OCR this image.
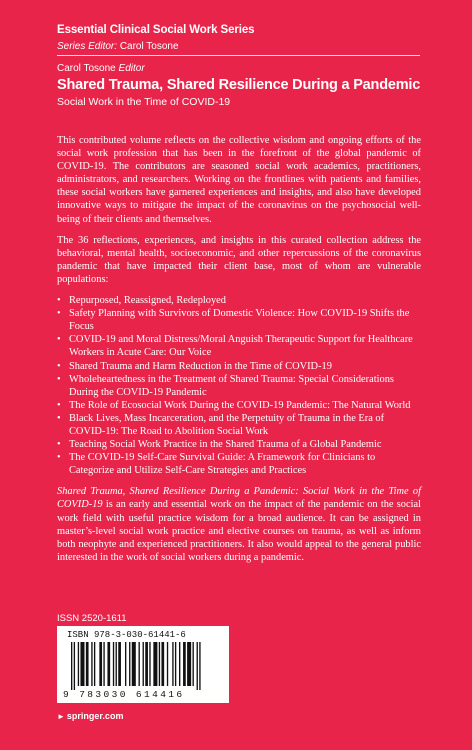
Essential Clinical Social Work Series
Series Editor: Carol Tosone
Carol Tosone Editor
Shared Trauma, Shared Resilience During a Pandemic
Social Work in the Time of COVID-19

This contributed volume reflects on the collective wisdom and ongoing efforts of the social work profession that has been in the forefront of the global pandemic of COVID-19. The contributors are seasoned social work academics, practitioners, administrators, and researchers. Working on the frontlines with patients and families, these social workers have garnered experiences and insights, and also have developed innovative ways to mitigate the impact of the coronavirus on the psychosocial well-being of their clients and themselves.

The 36 reflections, experiences, and insights in this curated collection address the behavioral, mental health, socioeconomic, and other repercussions of the coronavirus pandemic that have impacted their client base, most of whom are vulnerable populations:

• Repurposed, Reassigned, Redeployed
• Safety Planning with Survivors of Domestic Violence: How COVID-19 Shifts the Focus
• COVID-19 and Moral Distress/Moral Anguish Therapeutic Support for Healthcare Workers in Acute Care: Our Voice
• Shared Trauma and Harm Reduction in the Time of COVID-19
• Wholeheartedness in the Treatment of Shared Trauma: Special Considerations During the COVID-19 Pandemic
• The Role of Ecosocial Work During the COVID-19 Pandemic: The Natural World
• Black Lives, Mass Incarceration, and the Perpetuity of Trauma in the Era of COVID-19: The Road to Abolition Social Work
• Teaching Social Work Practice in the Shared Trauma of a Global Pandemic
• The COVID-19 Self-Care Survival Guide: A Framework for Clinicians to Categorize and Utilize Self-Care Strategies and Practices

Shared Trauma, Shared Resilience During a Pandemic: Social Work in the Time of COVID-19 is an early and essential work on the impact of the pandemic on the social work field with useful practice wisdom for a broad audience. It can be assigned in master’s-level social work practice and elective courses on trauma, as well as inform both neophyte and experienced practitioners. It also would appeal to the general public interested in the work of social workers during a pandemic.

ISSN 2520-1611
ISBN 978-3-030-61441-6
9 783030 614416
► springer.com
